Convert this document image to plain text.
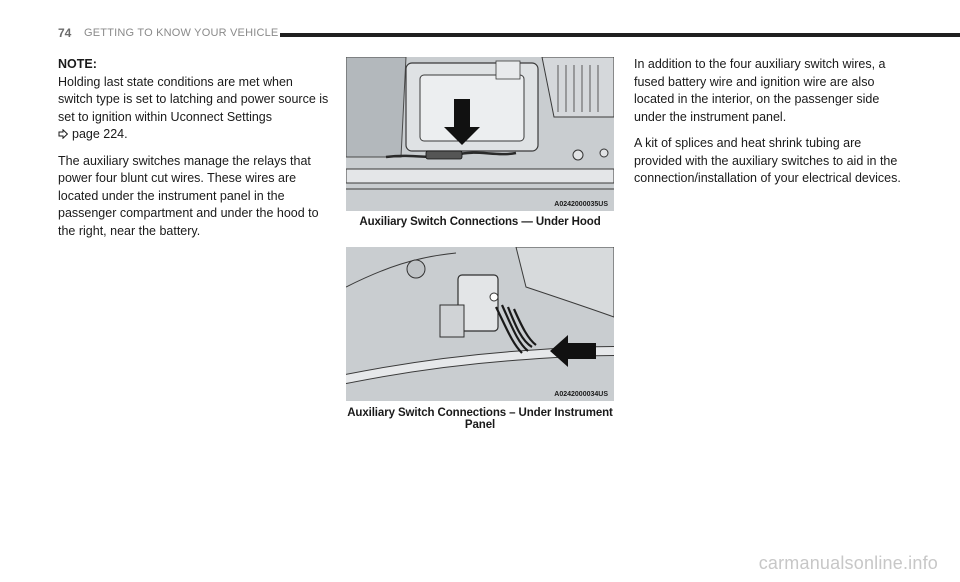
74 GETTING TO KNOW YOUR VEHICLE
NOTE:
Holding last state conditions are met when switch type is set to latching and power source is set to ignition within Uconnect Settings
page 224.
The auxiliary switches manage the relays that power four blunt cut wires. These wires are located under the instrument panel in the passenger compartment and under the hood to the right, near the battery.
A0242000035US
Auxiliary Switch Connections — Under Hood
A0242000034US
Auxiliary Switch Connections – Under Instrument Panel
In addition to the four auxiliary switch wires, a fused battery wire and ignition wire are also located in the interior, on the passenger side under the instrument panel.
A kit of splices and heat shrink tubing are provided with the auxiliary switches to aid in the connection/installation of your electrical devices.
carmanualsonline.info
